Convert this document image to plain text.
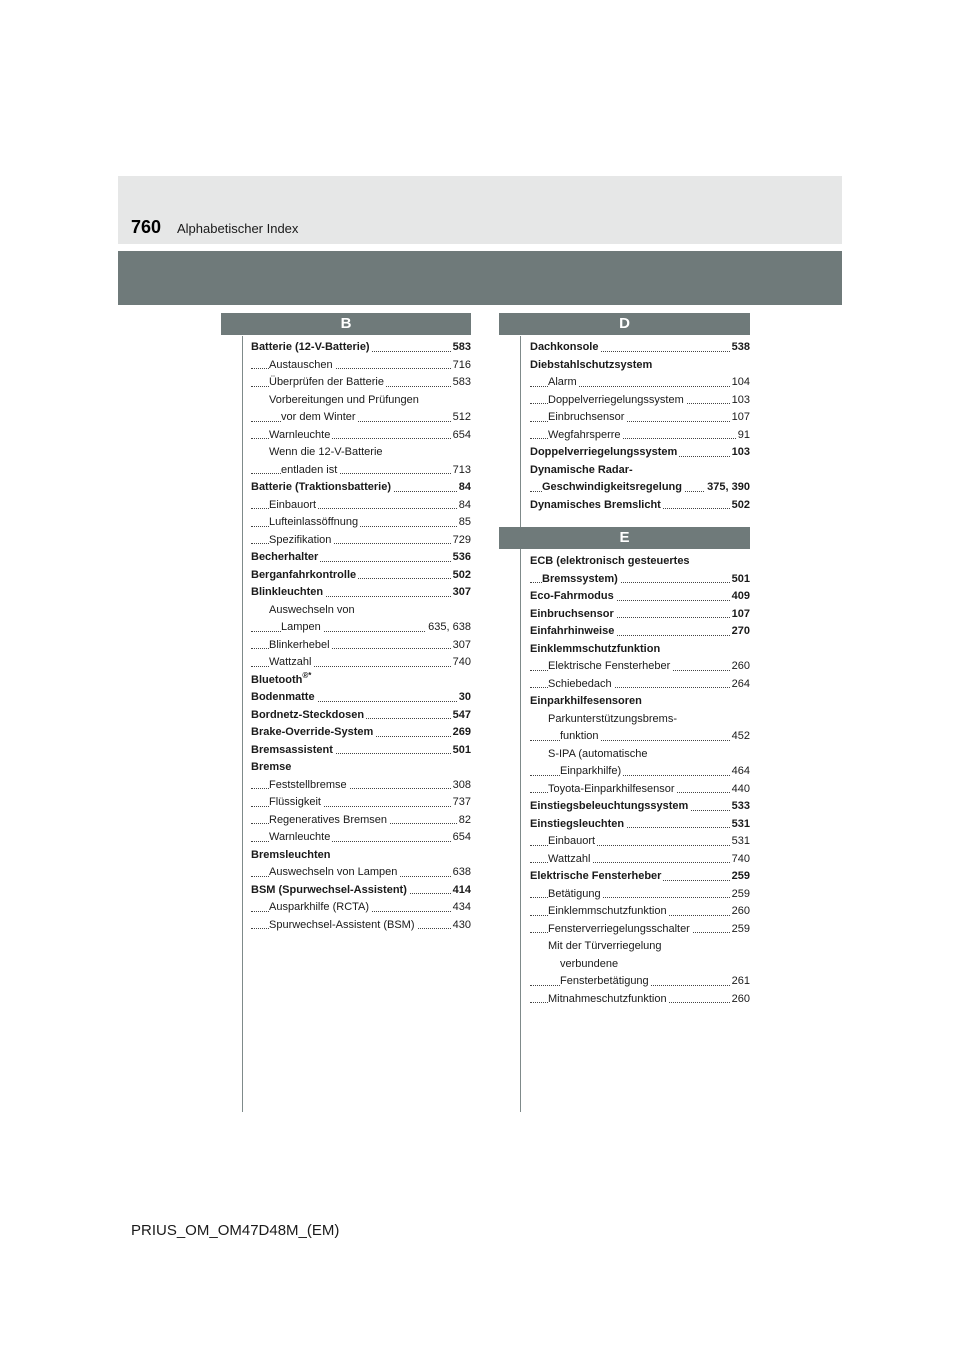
760 Alphabetischer Index
B	D
E
Batterie (12-V-Batterie)	583
Austauschen	716
Überprüfen der Batterie	583
Vorbereitungen und Prüfungen
vor dem Winter	512
Warnleuchte	654
Wenn die 12-V-Batterie
entladen ist	713
Batterie (Traktionsbatterie)	84
Einbauort	84
Lufteinlassöffnung	85
Spezifikation	729
Becherhalter	536
Berganfahrkontrolle	502
Blinkleuchten	307
Auswechseln von
Lampen	635, 638
Blinkerhebel	307
Wattzahl	740
Bluetooth®*
Bodenmatte	30
Bordnetz-Steckdosen	547
Brake-Override-System	269
Bremsassistent	501
Bremse
Feststellbremse	308
Flüssigkeit	737
Regeneratives Bremsen	82
Warnleuchte	654
Bremsleuchten
Auswechseln von Lampen	638
BSM (Spurwechsel-Assistent)	414
Ausparkhilfe (RCTA)	434
Spurwechsel-Assistent (BSM)	430
Dachkonsole	538
Diebstahlschutzsystem
Alarm	104
Doppelverriegelungssystem	103
Einbruchsensor	107
Wegfahrsperre	91
Doppelverriegelungssystem	103
Dynamische Radar-
Geschwindigkeitsregelung 375, 390
Dynamisches Bremslicht	502
ECB (elektronisch gesteuertes
Bremssystem)	501
Eco-Fahrmodus	409
Einbruchsensor	107
Einfahrhinweise	270
Einklemmschutzfunktion
Elektrische Fensterheber	260
Schiebedach	264
Einparkhilfesensoren
Parkunterstützungsbrems-
funktion	452
S-IPA (automatische
Einparkhilfe)	464
Toyota-Einparkhilfesensor	440
Einstiegsbeleuchtungssystem	533
Einstiegsleuchten	531
Einbauort	531
Wattzahl	740
Elektrische Fensterheber	259
Betätigung	259
Einklemmschutzfunktion	260
Fensterverriegelungsschalter	259
Mit der Türverriegelung
verbundene
Fensterbetätigung	261
Mitnahmeschutzfunktion	260
PRIUS_OM_OM47D48M_(EM)
